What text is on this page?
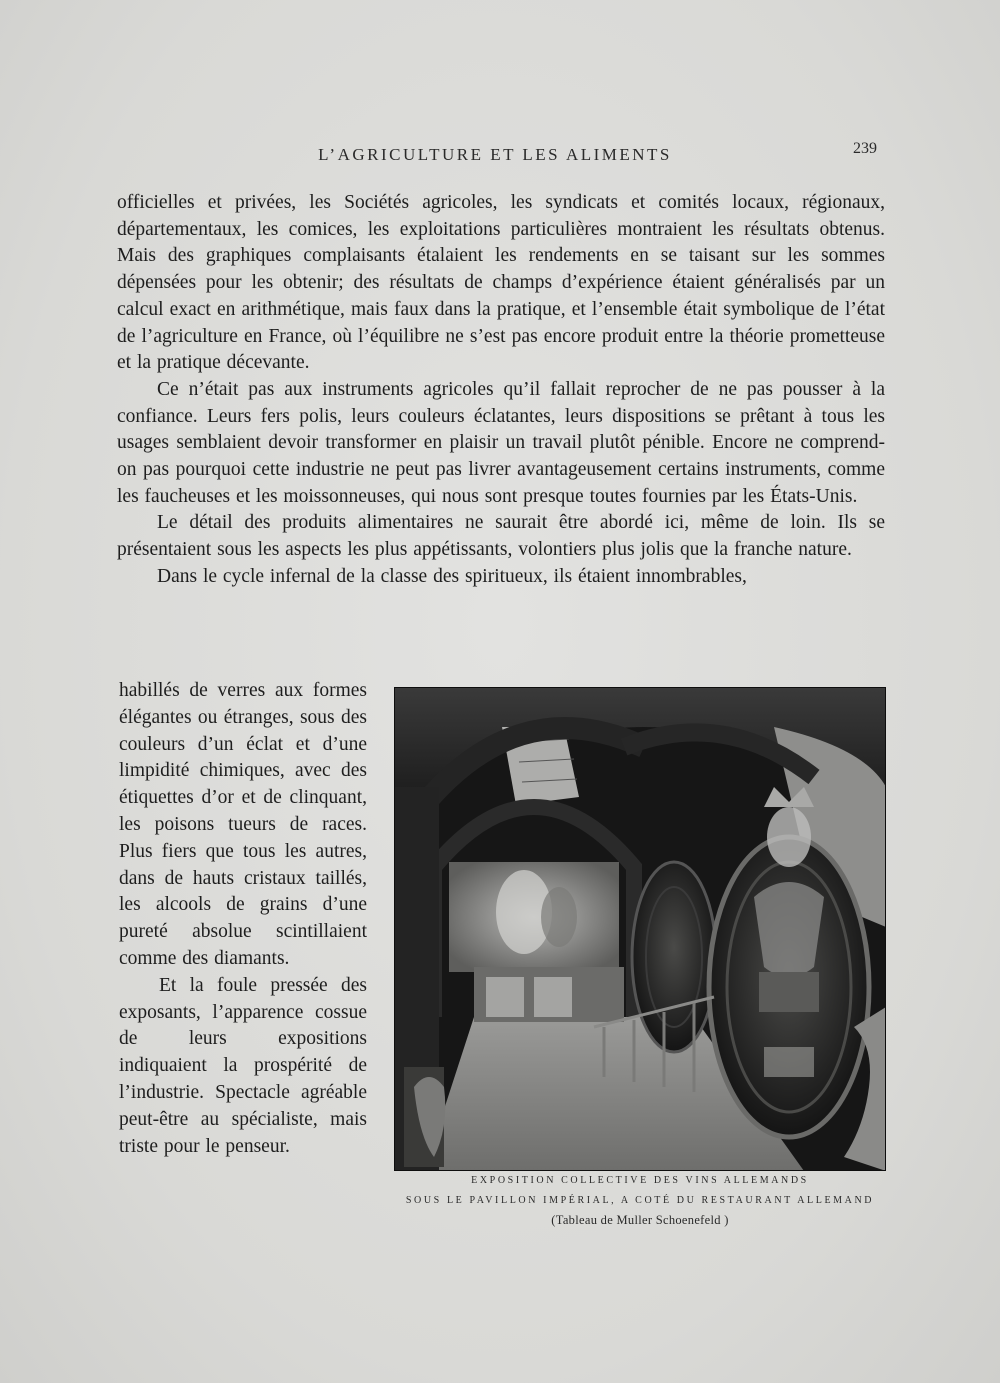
L’AGRICULTURE ET LES ALIMENTS	239

officielles et privées, les Sociétés agricoles, les syndicats et comités locaux, régionaux, départementaux, les comices, les exploitations particulières montraient les résultats obtenus. Mais des graphiques complaisants étalaient les rendements en se taisant sur les sommes dépensées pour les obtenir; des résultats de champs d’expérience étaient généralisés par un calcul exact en arithmétique, mais faux dans la pratique, et l’ensemble était symbolique de l’état de l’agriculture en France, où l’équilibre ne s’est pas encore produit entre la théorie prometteuse et la pratique décevante.

Ce n’était pas aux instruments agricoles qu’il fallait reprocher de ne pas pousser à la confiance. Leurs fers polis, leurs couleurs éclatantes, leurs dispositions se prêtant à tous les usages semblaient devoir transformer en plaisir un travail plutôt pénible. Encore ne comprend-on pas pourquoi cette industrie ne peut pas livrer avantageusement certains instruments, comme les faucheuses et les moissonneuses, qui nous sont presque toutes fournies par les États-Unis.

Le détail des produits alimentaires ne saurait être abordé ici, même de loin. Ils se présentaient sous les aspects les plus appétissants, volontiers plus jolis que la franche nature.

Dans le cycle infernal de la classe des spiritueux, ils étaient innombrables,

habillés de verres aux formes élégantes ou étranges, sous des couleurs d’un éclat et d’une limpidité chimiques, avec des étiquettes d’or et de clinquant, les poisons tueurs de races. Plus fiers que tous les autres, dans de hauts cristaux taillés, les alcools de grains d’une pureté absolue scintillaient comme des diamants.

Et la foule pressée des exposants, l’apparence cossue de leurs expositions indiquaient la prospérité de l’industrie. Spectacle agréable peut-être au spécialiste, mais triste pour le penseur.

EXPOSITION COLLECTIVE DES VINS ALLEMANDS
SOUS LE PAVILLON IMPÉRIAL, A COTÉ DU RESTAURANT ALLEMAND
(Tableau de Muller Schoenefeld )
